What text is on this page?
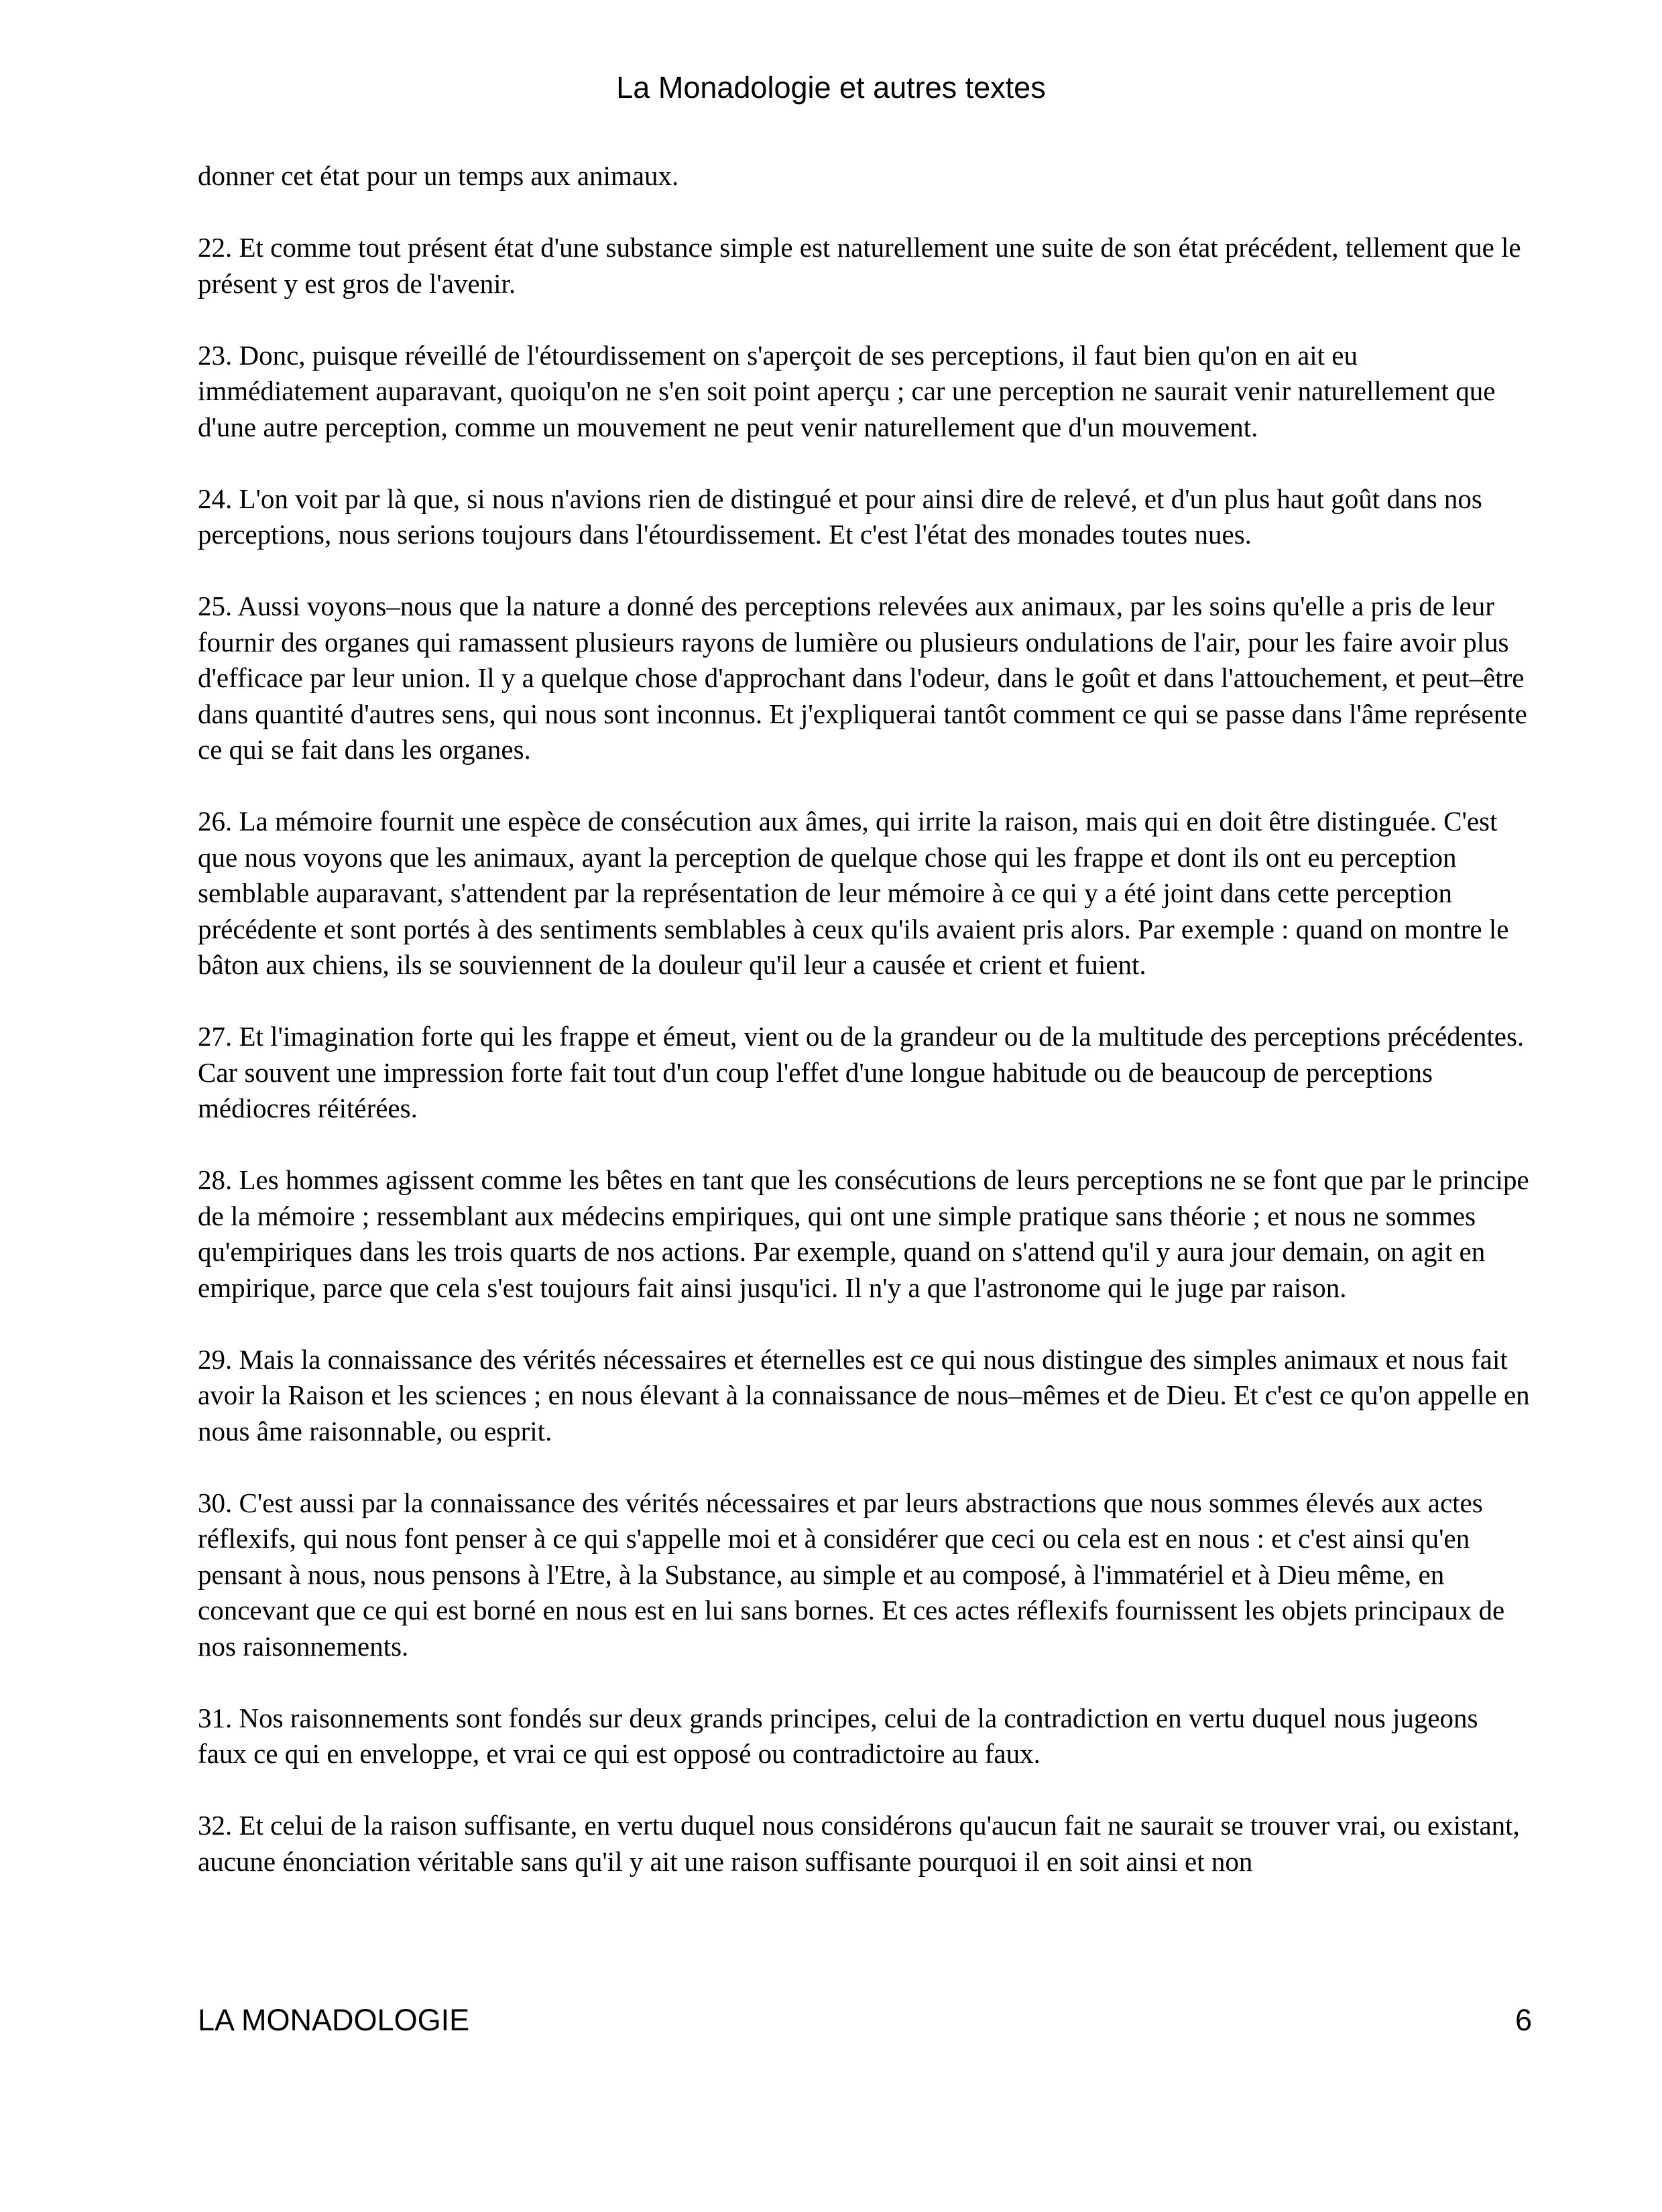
La Monadologie et autres textes

donner cet état pour un temps aux animaux.

22. Et comme tout présent état d'une substance simple est naturellement une suite de son état précédent, tellement que le présent y est gros de l'avenir.

23. Donc, puisque réveillé de l'étourdissement on s'aperçoit de ses perceptions, il faut bien qu'on en ait eu immédiatement auparavant, quoiqu'on ne s'en soit point aperçu ; car une perception ne saurait venir naturellement que d'une autre perception, comme un mouvement ne peut venir naturellement que d'un mouvement.

24. L'on voit par là que, si nous n'avions rien de distingué et pour ainsi dire de relevé, et d'un plus haut goût dans nos perceptions, nous serions toujours dans l'étourdissement. Et c'est l'état des monades toutes nues.

25. Aussi voyons–nous que la nature a donné des perceptions relevées aux animaux, par les soins qu'elle a pris de leur fournir des organes qui ramassent plusieurs rayons de lumière ou plusieurs ondulations de l'air, pour les faire avoir plus d'efficace par leur union. Il y a quelque chose d'approchant dans l'odeur, dans le goût et dans l'attouchement, et peut–être dans quantité d'autres sens, qui nous sont inconnus. Et j'expliquerai tantôt comment ce qui se passe dans l'âme représente ce qui se fait dans les organes.

26. La mémoire fournit une espèce de consécution aux âmes, qui irrite la raison, mais qui en doit être distinguée. C'est que nous voyons que les animaux, ayant la perception de quelque chose qui les frappe et dont ils ont eu perception semblable auparavant, s'attendent par la représentation de leur mémoire à ce qui y a été joint dans cette perception précédente et sont portés à des sentiments semblables à ceux qu'ils avaient pris alors. Par exemple : quand on montre le bâton aux chiens, ils se souviennent de la douleur qu'il leur a causée et crient et fuient.

27. Et l'imagination forte qui les frappe et émeut, vient ou de la grandeur ou de la multitude des perceptions précédentes. Car souvent une impression forte fait tout d'un coup l'effet d'une longue habitude ou de beaucoup de perceptions médiocres réitérées.

28. Les hommes agissent comme les bêtes en tant que les consécutions de leurs perceptions ne se font que par le principe de la mémoire ; ressemblant aux médecins empiriques, qui ont une simple pratique sans théorie ; et nous ne sommes qu'empiriques dans les trois quarts de nos actions. Par exemple, quand on s'attend qu'il y aura jour demain, on agit en empirique, parce que cela s'est toujours fait ainsi jusqu'ici. Il n'y a que l'astronome qui le juge par raison.

29. Mais la connaissance des vérités nécessaires et éternelles est ce qui nous distingue des simples animaux et nous fait avoir la Raison et les sciences ; en nous élevant à la connaissance de nous–mêmes et de Dieu. Et c'est ce qu'on appelle en nous âme raisonnable, ou esprit.

30. C'est aussi par la connaissance des vérités nécessaires et par leurs abstractions que nous sommes élevés aux actes réflexifs, qui nous font penser à ce qui s'appelle moi et à considérer que ceci ou cela est en nous : et c'est ainsi qu'en pensant à nous, nous pensons à l'Etre, à la Substance, au simple et au composé, à l'immatériel et à Dieu même, en concevant que ce qui est borné en nous est en lui sans bornes. Et ces actes réflexifs fournissent les objets principaux de nos raisonnements.

31. Nos raisonnements sont fondés sur deux grands principes, celui de la contradiction en vertu duquel nous jugeons faux ce qui en enveloppe, et vrai ce qui est opposé ou contradictoire au faux.

32. Et celui de la raison suffisante, en vertu duquel nous considérons qu'aucun fait ne saurait se trouver vrai, ou existant, aucune énonciation véritable sans qu'il y ait une raison suffisante pourquoi il en soit ainsi et non

LA MONADOLOGIE	6
